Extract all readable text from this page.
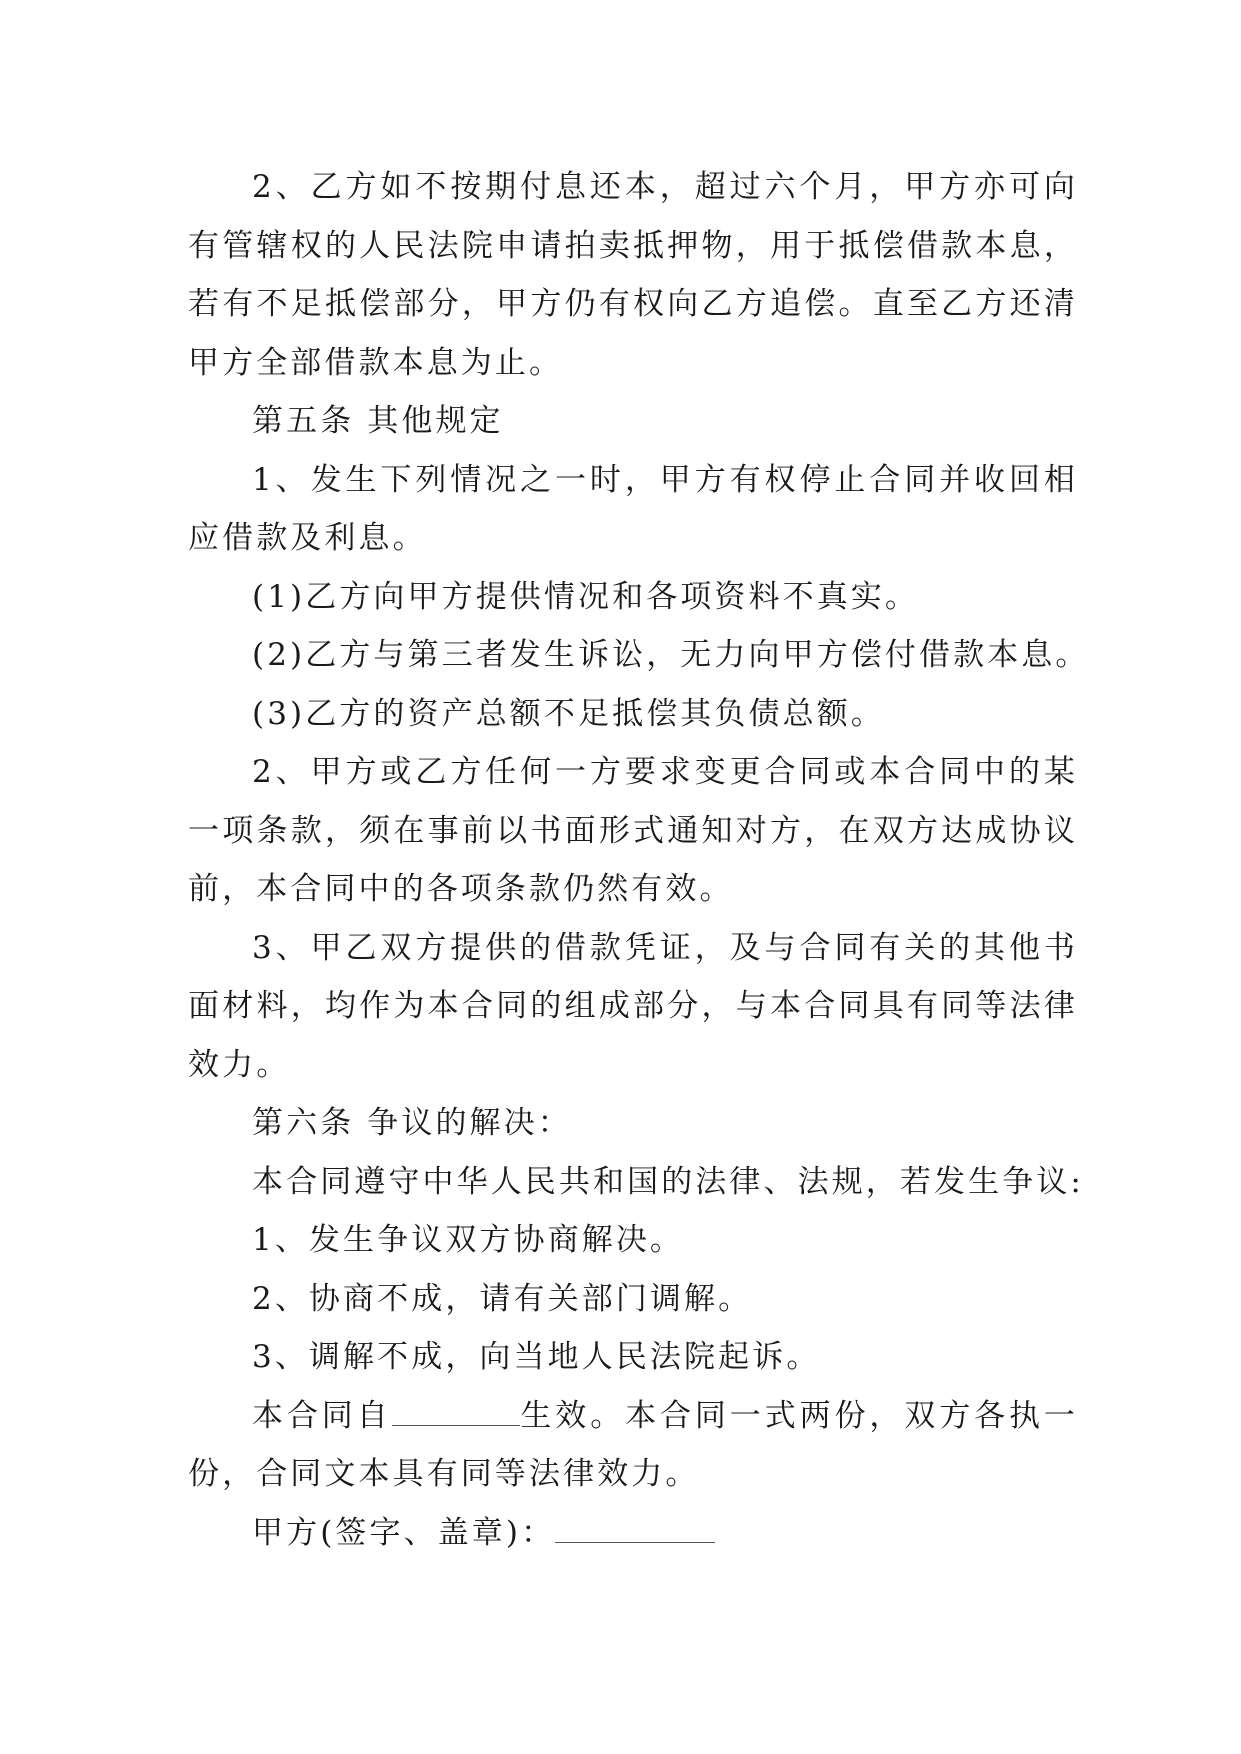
2、乙方如不按期付息还本，超过六个月，甲方亦可向有管辖权的人民法院申请拍卖抵押物，用于抵偿借款本息，若有不足抵偿部分，甲方仍有权向乙方追偿。直至乙方还清甲方全部借款本息为止。

第五条 其他规定

1、发生下列情况之一时，甲方有权停止合同并收回相应借款及利息。

(1)乙方向甲方提供情况和各项资料不真实。

(2)乙方与第三者发生诉讼，无力向甲方偿付借款本息。

(3)乙方的资产总额不足抵偿其负债总额。

2、甲方或乙方任何一方要求变更合同或本合同中的某一项条款，须在事前以书面形式通知对方，在双方达成协议前，本合同中的各项条款仍然有效。

3、甲乙双方提供的借款凭证，及与合同有关的其他书面材料，均作为本合同的组成部分，与本合同具有同等法律效力。

第六条 争议的解决：

本合同遵守中华人民共和国的法律、法规，若发生争议:

1、发生争议双方协商解决。

2、协商不成，请有关部门调解。

3、调解不成，向当地人民法院起诉。

本合同自	生效。本合同一式两份，双方各执一份，合同文本具有同等法律效力。

甲方(签字、盖章)：
